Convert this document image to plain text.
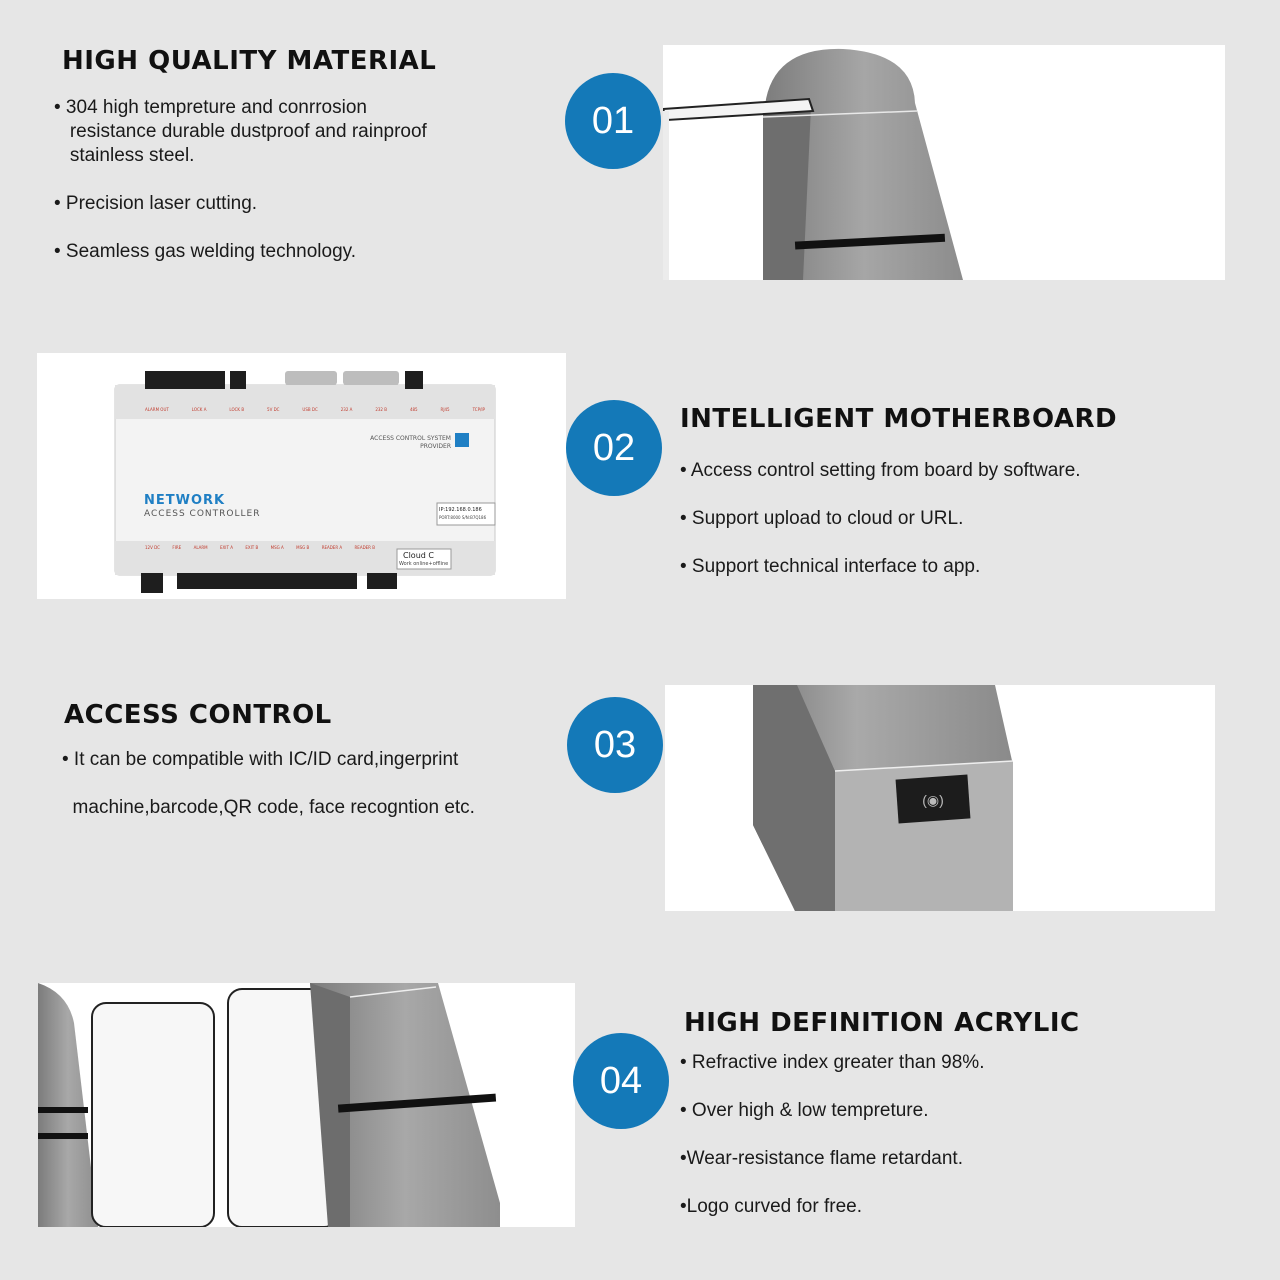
HIGH QUALITY MATERIAL
• 304 high tempreture and conrrosion
resistance durable dustproof and rainproof
stainless steel.
• Precision laser cutting.
• Seamless gas welding technology.
01
NETWORK
ACCESS CONTROLLER
ACCESS CONTROL SYSTEM
PROVIDER
IP:192.168.0.186
PORT:8000 S/N:B7Q186
Cloud C
Work online+offline
ALARM OUT	LOCK A	LOCK B	5V DC	USB DC	232 A	232 B	485	RJ45	TCP/IP
12V DC	FIRE	ALARM	EXIT A	EXIT B	MSG A	MSG B	READER A	READER B
02
INTELLIGENT MOTHERBOARD
• Access control setting from board by software.
• Support upload to cloud or URL.
• Support technical interface to app.
ACCESS CONTROL
• It can be compatible with IC/ID card,ingerprint
machine,barcode,QR code, face recogntion etc.
03
(◉)
04
HIGH DEFINITION ACRYLIC
• Refractive index greater than 98%.
• Over high & low tempreture.
•Wear-resistance flame retardant.
•Logo curved for free.
